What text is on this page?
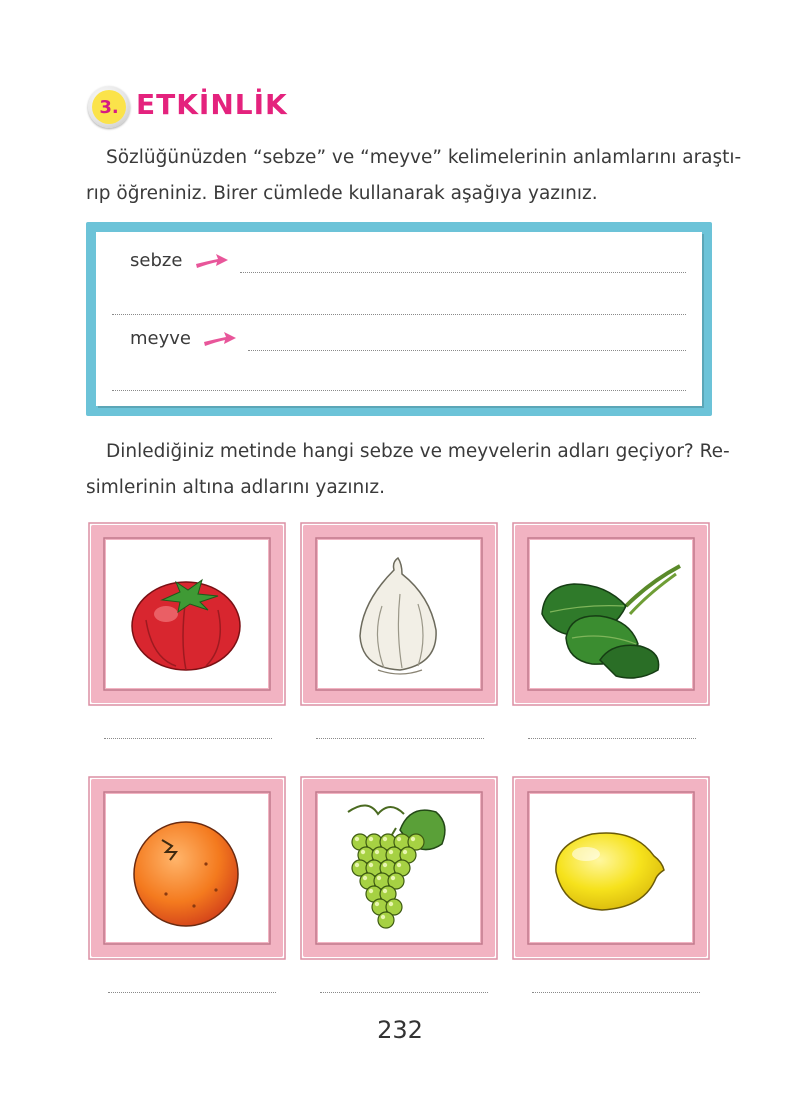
3. ETKİNLİK
Sözlüğünüzden “sebze” ve “meyve” kelimelerinin anlamlarını araştı-
rıp öğreniniz. Birer cümlede kullanarak aşağıya yazınız.
sebze
meyve
Dinlediğiniz metinde hangi sebze ve meyvelerin adları geçiyor? Re-
simlerinin altına adlarını yazınız.
232
